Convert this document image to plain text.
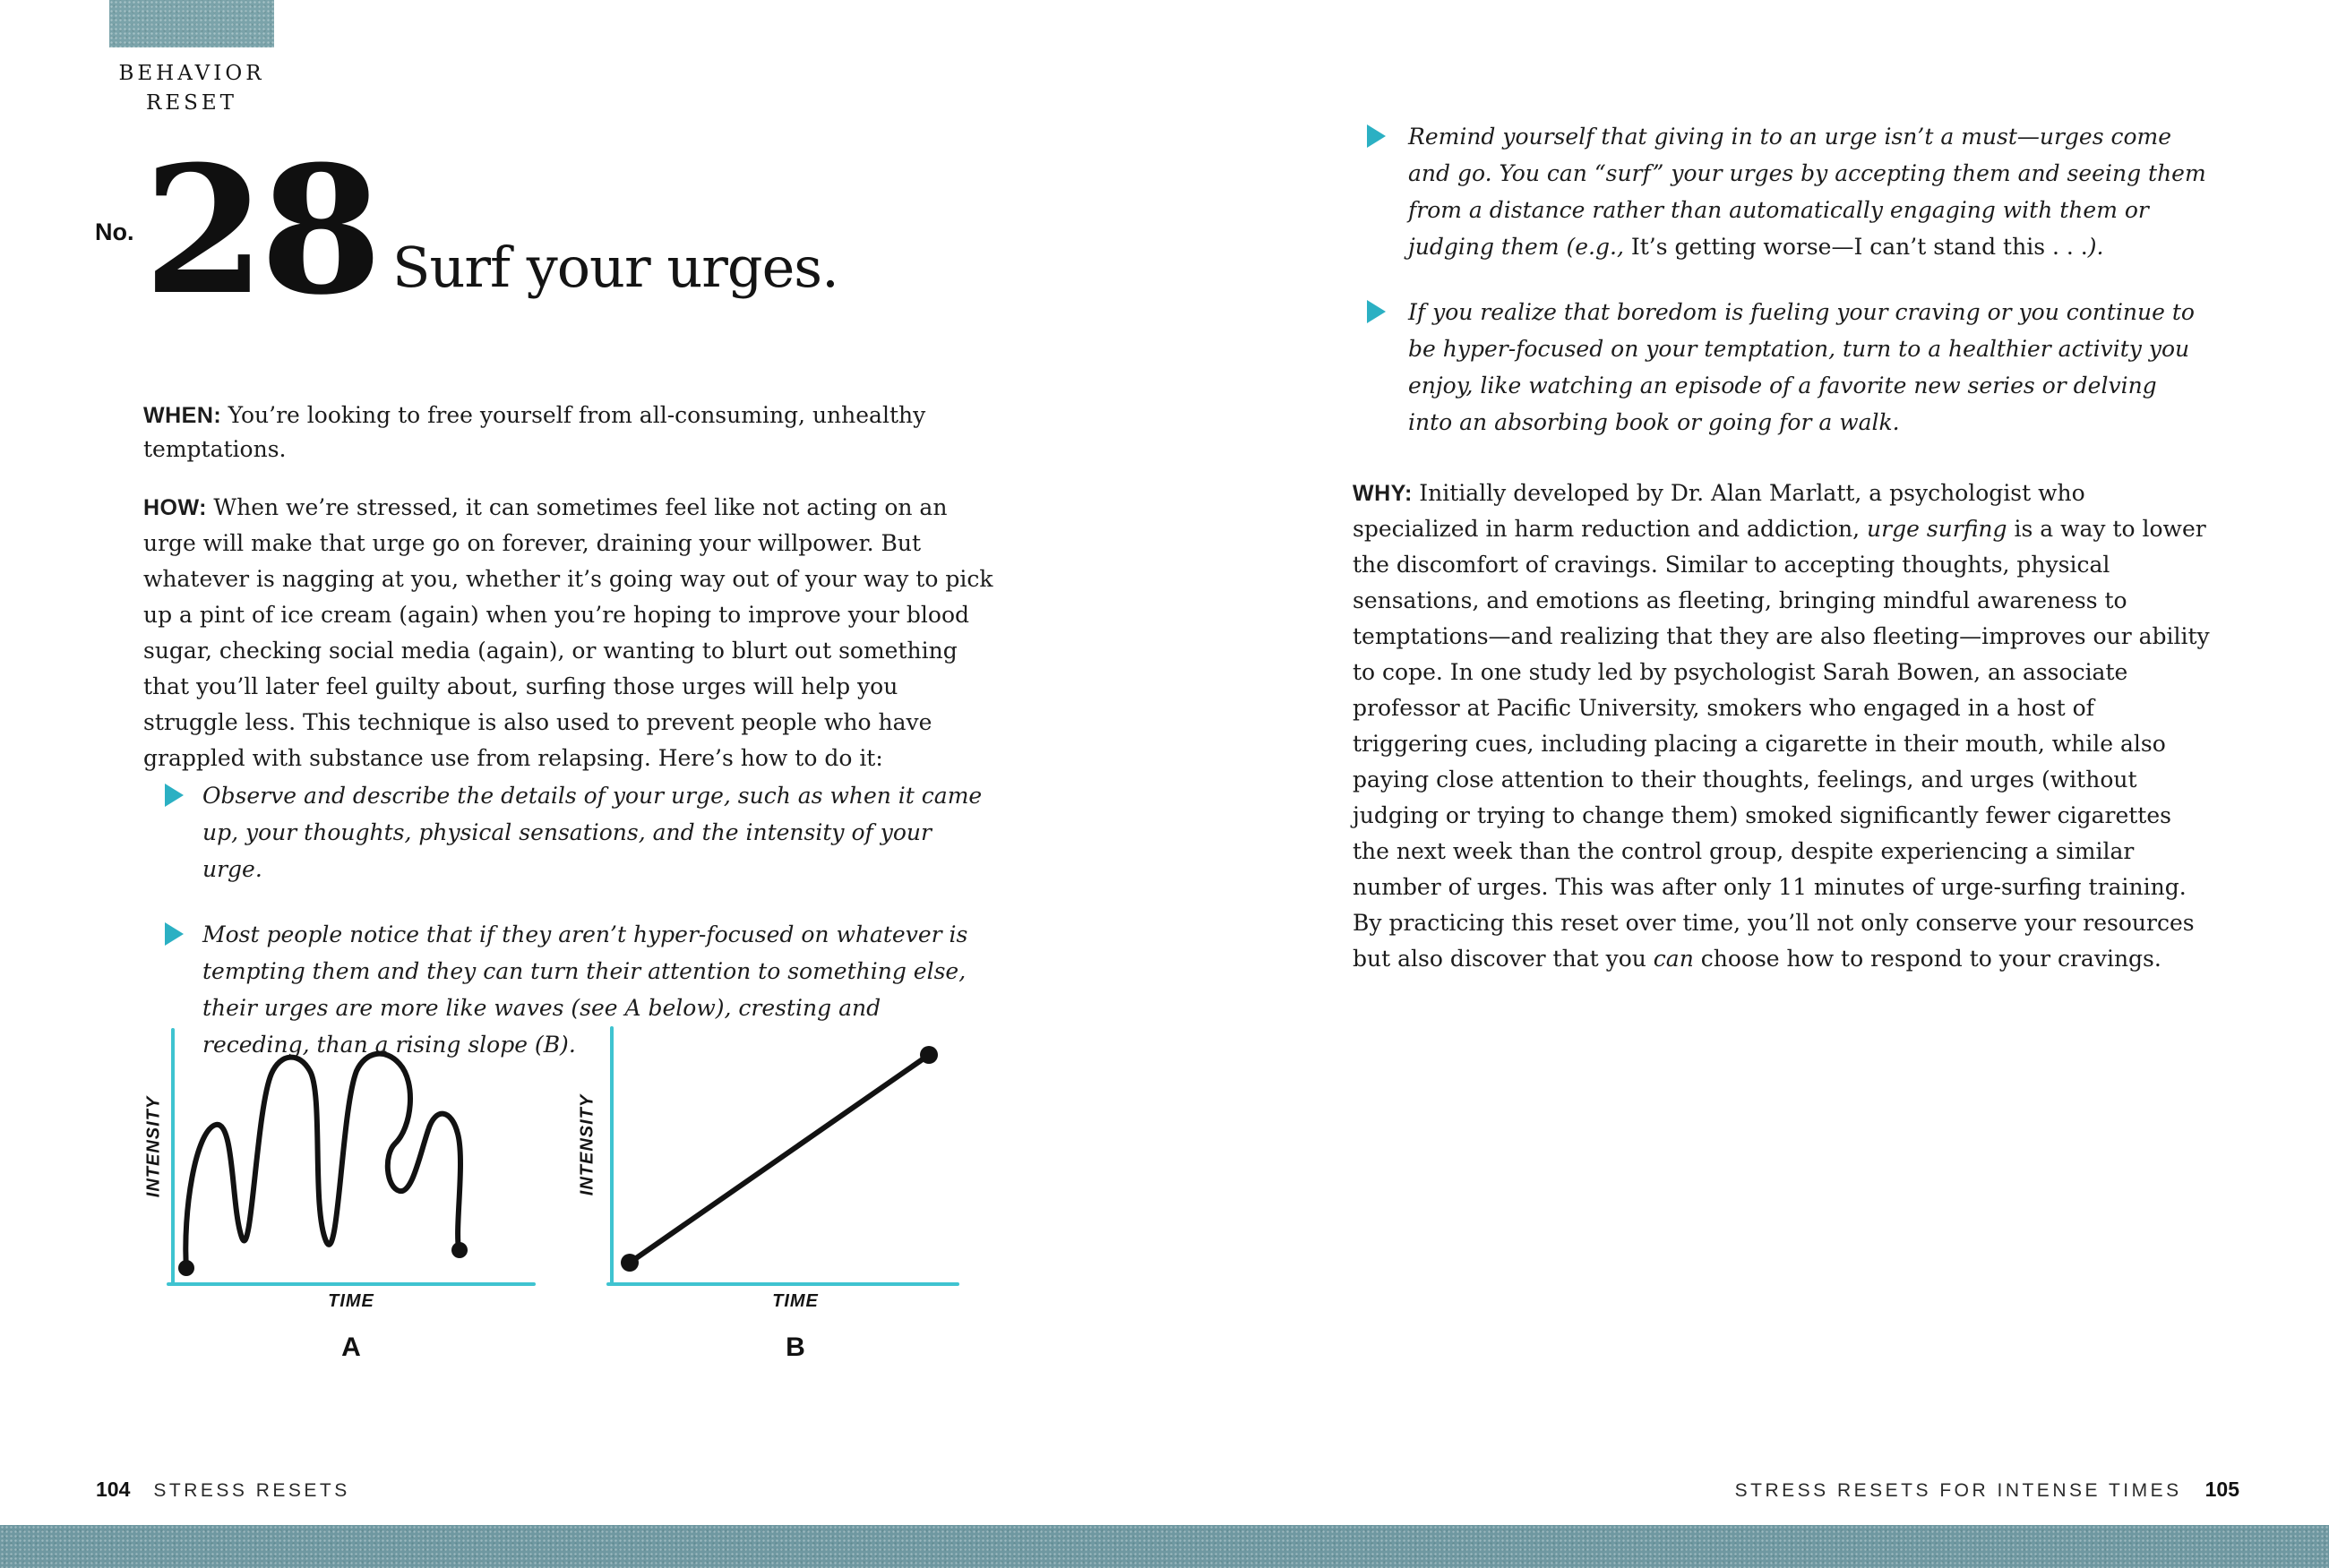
BEHAVIOR
RESET
No. 28 Surf your urges.

WHEN: You’re looking to free yourself from all-consuming, unhealthy temptations.

HOW: When we’re stressed, it can sometimes feel like not acting on an urge will make that urge go on forever, draining your willpower. But whatever is nagging at you, whether it’s going way out of your way to pick up a pint of ice cream (again) when you’re hoping to improve your blood sugar, checking social media (again), or wanting to blurt out something that you’ll later feel guilty about, surfing those urges will help you struggle less. This technique is also used to prevent people who have grappled with substance use from relapsing. Here’s how to do it:

Observe and describe the details of your urge, such as when it came up, your thoughts, physical sensations, and the intensity of your urge.
Most people notice that if they aren’t hyper-focused on whatever is tempting them and they can turn their attention to something else, their urges are more like waves (see A below), cresting and receding, than a rising slope (B).
INTENSITY
TIME
A
INTENSITY
TIME
B
Remind yourself that giving in to an urge isn’t a must—urges come and go. You can “surf” your urges by accepting them and seeing them from a distance rather than automatically engaging with them or judging them (e.g., It’s getting worse—I can’t stand this . . .).
If you realize that boredom is fueling your craving or you continue to be hyper-focused on your temptation, turn to a healthier activity you enjoy, like watching an episode of a favorite new series or delving into an absorbing book or going for a walk.

WHY: Initially developed by Dr. Alan Marlatt, a psychologist who specialized in harm reduction and addiction, urge surfing is a way to lower the discomfort of cravings. Similar to accepting thoughts, physical sensations, and emotions as fleeting, bringing mindful awareness to temptations—and realizing that they are also fleeting—improves our ability to cope. In one study led by psychologist Sarah Bowen, an associate professor at Pacific University, smokers who engaged in a host of triggering cues, including placing a cigarette in their mouth, while also paying close attention to their thoughts, feelings, and urges (without judging or trying to change them) smoked significantly fewer cigarettes the next week than the control group, despite experiencing a similar number of urges. This was after only 11 minutes of urge-surfing training. By practicing this reset over time, you’ll not only conserve your resources but also discover that you can choose how to respond to your cravings.

104 STRESS RESETS	STRESS RESETS FOR INTENSE TIMES 105
